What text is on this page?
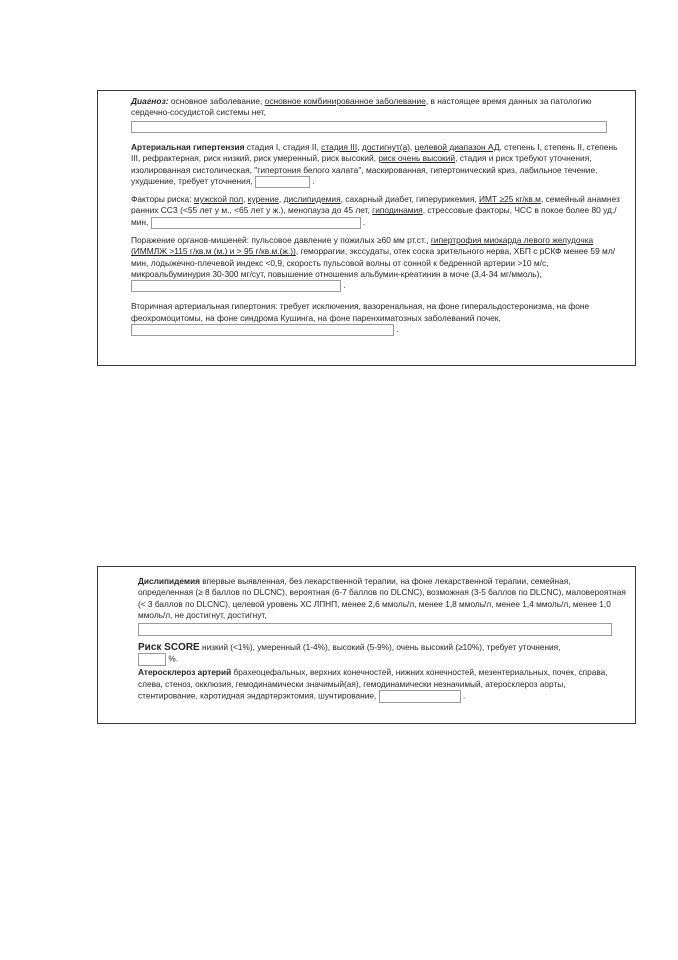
Диагноз: основное заболевание, основное комбинированное заболевание, в настоящее время данных за патологию сердечно-сосудистой системы нет,

Артериальная гипертензия стадия I, стадия II, стадия III, достигнут(а), целевой диапазон АД, степень I, степень II, степень III, рефрактерная, риск низкий, риск умеренный, риск высокий, риск очень высокий, стадия и риск требуют уточнения, изолированная систолическая, "гипертония белого халата", маскированная, гипертонический криз, лабильное течение, ухудшение, требует уточнения,	.

Факторы риска: мужской пол, курение, дислипидемия, сахарный диабет, гиперурикемия, ИМТ ≥25 кг/кв.м, семейный анамнез ранних ССЗ (<55 лет у м., <65 лет у ж.), менопауза до 45 лет, гиподинамия, стрессовые факторы, ЧСС в покое более 80 уд./мин,	.

Поражение органов-мишеней: пульсовое давление у пожилых ≥60 мм рт.ст., гипертрофия миокарда левого желудочка (ИММЛЖ >115 г/кв.м (м.) и > 95 г/кв.м.(ж.)), геморрагии, экссудаты, отек соска зрительного нерва, ХБП с рСКФ менее 59 мл/мин, лодыжечно-плечевой индекс <0,9, скорость пульсовой волны от сонной к бедренной артерии >10 м/с, микроальбуминурия 30-300 мг/сут, повышение отношения альбумин-креатинин в моче (3,4-34 мг/ммоль),  .

Вторичная артериальная гипертония: требует исключения, вазоренальная, на фоне гиперальдостеронизма, на фоне феохромоцитомы, на фоне синдрома Кушинга, на фоне паренхиматозных заболеваний почек,
.

Дислипидемия впервые выявленная, без лекарственной терапии, на фоне лекарственной терапии, семейная, определенная (≥ 8 баллов по DLCNC), вероятная (6-7 баллов по DLCNC), возможная (3-5 баллов по DLCNC), маловероятная (< 3 баллов по DLCNC), целевой уровень ХС ЛПНП, менее 2,6 ммоль/л, менее 1,8 ммоль/л, менее 1,4 ммоль/л, менее 1,0 ммоль/л, не достигнут, достигнут,

Риск SCORE низкий (<1%), умеренный (1-4%), высокий (5-9%), очень высокий (≥10%), требует уточнения,
%.

Атеросклероз артерий брахеоцефальных, верхних конечностей, нижних конечностей, мезентериальных, почек, справа, слева, стеноз, окклюзия, гемодинамически значимый(ая), гемодинамически незначимый, атеросклероз аорты, стентирование, каротидная эндартерэктомия, шунтирование,	.
